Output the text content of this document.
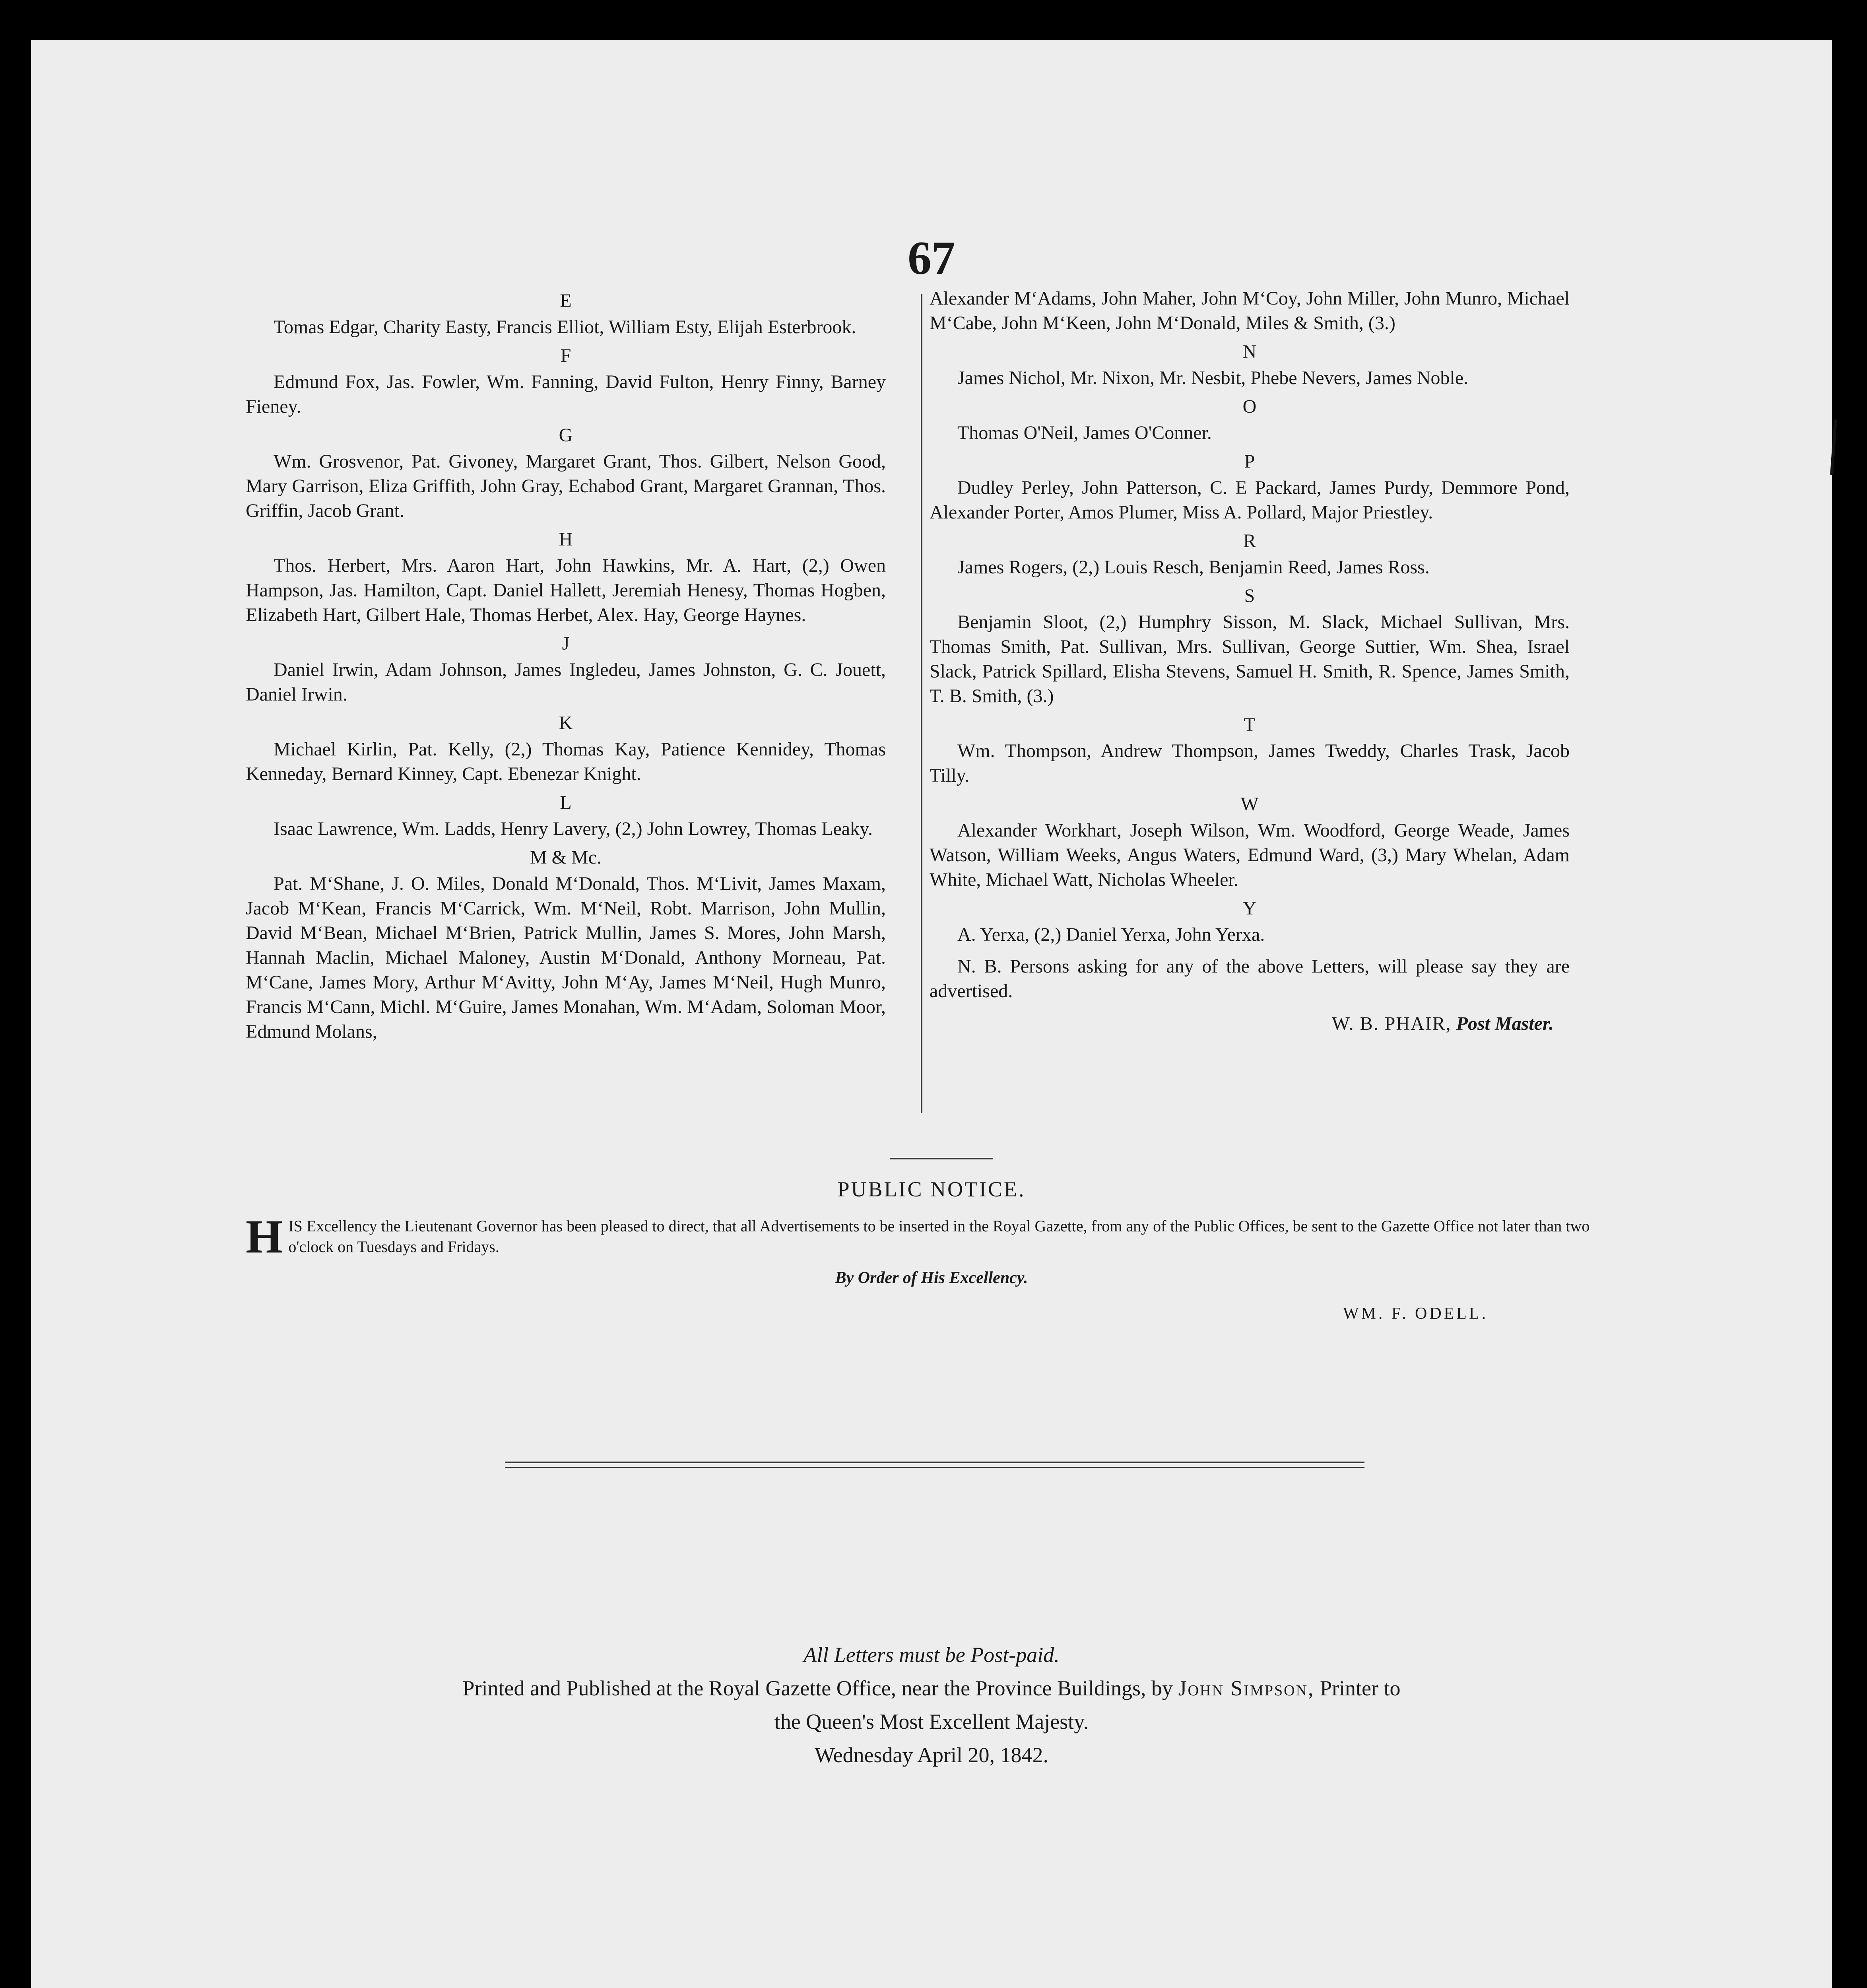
67
E

Tomas Edgar, Charity Easty, Francis Elliot, William Esty, Elijah Esterbrook.

F

Edmund Fox, Jas. Fowler, Wm. Fanning, David Fulton, Henry Finny, Barney Fieney.

G

Wm. Grosvenor, Pat. Givoney, Margaret Grant, Thos. Gilbert, Nelson Good, Mary Garrison, Eliza Griffith, John Gray, Echabod Grant, Margaret Grannan, Thos. Griffin, Jacob Grant.

H

Thos. Herbert, Mrs. Aaron Hart, John Hawkins, Mr. A. Hart, (2,) Owen Hampson, Jas. Hamilton, Capt. Daniel Hallett, Jeremiah Henesy, Thomas Hogben, Elizabeth Hart, Gilbert Hale, Thomas Herbet, Alex. Hay, George Haynes.

J

Daniel Irwin, Adam Johnson, James Ingledeu, James Johnston, G. C. Jouett, Daniel Irwin.

K

Michael Kirlin, Pat. Kelly, (2,) Thomas Kay, Patience Kennidey, Thomas Kenneday, Bernard Kinney, Capt. Ebenezar Knight.

L

Isaac Lawrence, Wm. Ladds, Henry Lavery, (2,) John Lowrey, Thomas Leaky.

M & Mc.

Pat. M‘Shane, J. O. Miles, Donald M‘Donald, Thos. M‘Livit, James Maxam, Jacob M‘Kean, Francis M‘Carrick, Wm. M‘Neil, Robt. Marrison, John Mullin, David M‘Bean, Michael M‘Brien, Patrick Mullin, James S. Mores, John Marsh, Hannah Maclin, Michael Maloney, Austin M‘Donald, Anthony Morneau, Pat. M‘Cane, James Mory, Arthur M‘Avitty, John M‘Ay, James M‘Neil, Hugh Munro, Francis M‘Cann, Michl. M‘Guire, James Monahan, Wm. M‘Adam, Soloman Moor, Edmund Molans,

Alexander M‘Adams, John Maher, John M‘Coy, John Miller, John Munro, Michael M‘Cabe, John M‘Keen, John M‘Donald, Miles & Smith, (3.)

N

James Nichol, Mr. Nixon, Mr. Nesbit, Phebe Nevers, James Noble.

O

Thomas O'Neil, James O'Conner.

P

Dudley Perley, John Patterson, C. E Packard, James Purdy, Demmore Pond, Alexander Porter, Amos Plumer, Miss A. Pollard, Major Priestley.

R

James Rogers, (2,) Louis Resch, Benjamin Reed, James Ross.

S

Benjamin Sloot, (2,) Humphry Sisson, M. Slack, Michael Sullivan, Mrs. Thomas Smith, Pat. Sullivan, Mrs. Sullivan, George Suttier, Wm. Shea, Israel Slack, Patrick Spillard, Elisha Stevens, Samuel H. Smith, R. Spence, James Smith, T. B. Smith, (3.)

T

Wm. Thompson, Andrew Thompson, James Tweddy, Charles Trask, Jacob Tilly.

W

Alexander Workhart, Joseph Wilson, Wm. Woodford, George Weade, James Watson, William Weeks, Angus Waters, Edmund Ward, (3,) Mary Whelan, Adam White, Michael Watt, Nicholas Wheeler.

Y

A. Yerxa, (2,) Daniel Yerxa, John Yerxa.

N. B. Persons asking for any of the above Letters, will please say they are advertised.

W. B. PHAIR, Post Master.
PUBLIC NOTICE.
H IS Excellency the Lieutenant Governor has been pleased to direct, that all Advertisements to be inserted in the Royal Gazette, from any of the Public Offices, be sent to the Gazette Office not later than two o'clock on Tuesdays and Fridays.
By Order of His Excellency.
WM. F. ODELL.
All Letters must be Post-paid.
Printed and Published at the Royal Gazette Office, near the Province Buildings, by John Simpson, Printer to
the Queen's Most Excellent Majesty.
Wednesday April 20, 1842.
